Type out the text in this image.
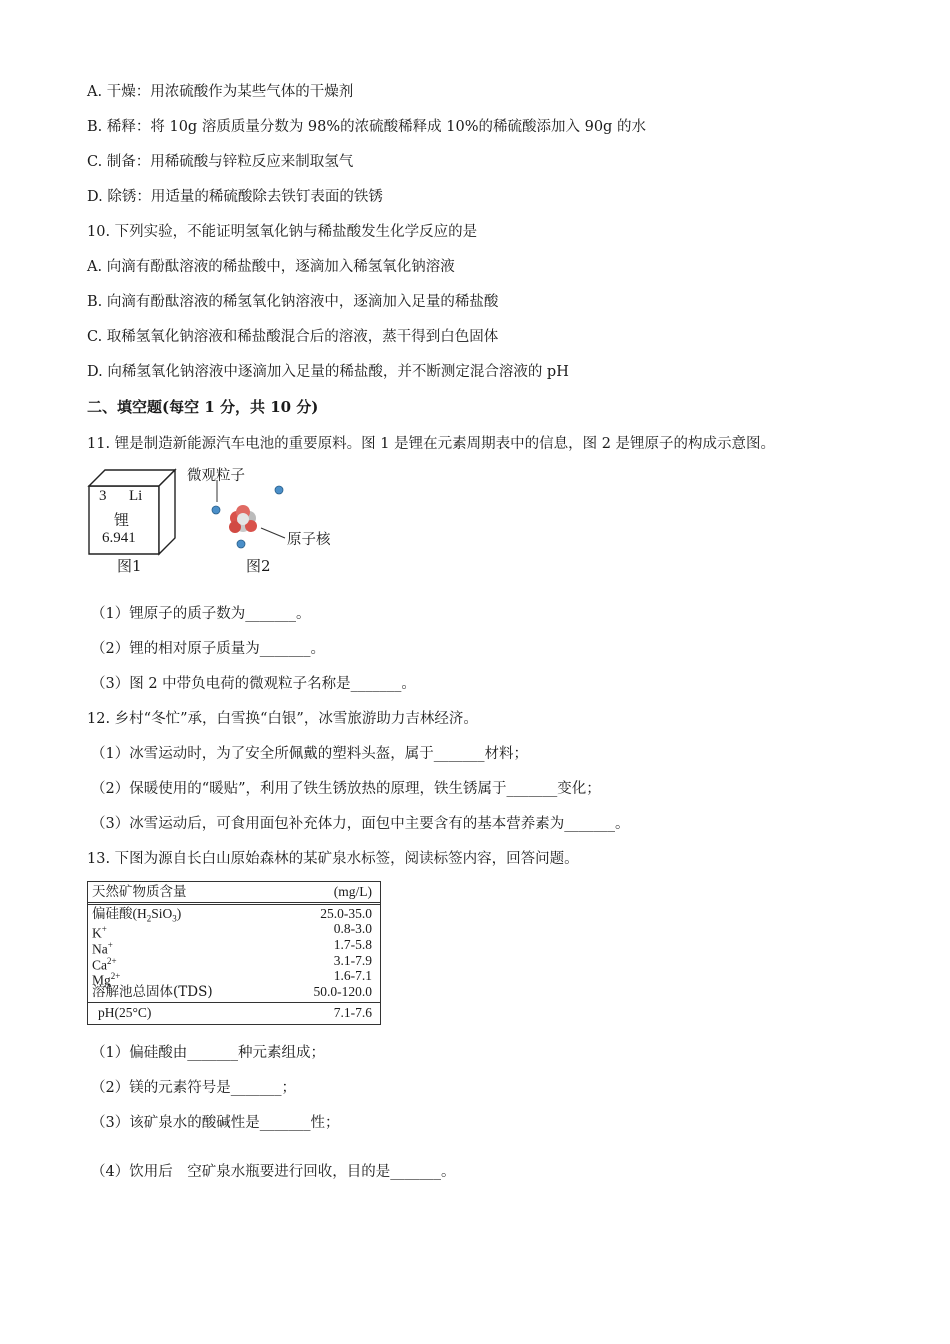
A. 干燥：用浓硫酸作为某些气体的干燥剂
B. 稀释：将 10g 溶质质量分数为 98%的浓硫酸稀释成 10%的稀硫酸添加入 90g 的水
C. 制备：用稀硫酸与锌粒反应来制取氢气
D. 除锈：用适量的稀硫酸除去铁钉表面的铁锈
10. 下列实验，不能证明氢氧化钠与稀盐酸发生化学反应的是
A. 向滴有酚酞溶液的稀盐酸中，逐滴加入稀氢氧化钠溶液
B. 向滴有酚酞溶液的稀氢氧化钠溶液中，逐滴加入足量的稀盐酸
C. 取稀氢氧化钠溶液和稀盐酸混合后的溶液，蒸干得到白色固体
D. 向稀氢氧化钠溶液中逐滴加入足量的稀盐酸，并不断测定混合溶液的 pH
二、填空题(每空 1 分，共 10 分)
11. 锂是制造新能源汽车电池的重要原料。图 1 是锂在元素周期表中的信息，图 2 是锂原子的构成示意图。
3 Li
锂
6.941
图1
微观粒子
原子核
图2
（1）锂原子的质子数为_______。
（2）锂的相对原子质量为_______。
（3）图 2 中带负电荷的微观粒子名称是_______。
12. 乡村“冬忙”承，白雪换“白银”，冰雪旅游助力吉林经济。
（1）冰雪运动时，为了安全所佩戴的塑料头盔，属于_______材料；
（2）保暖使用的“暖贴”，利用了铁生锈放热的原理，铁生锈属于_______变化；
（3）冰雪运动后，可食用面包补充体力，面包中主要含有的基本营养素为_______。
13. 下图为源自长白山原始森林的某矿泉水标签，阅读标签内容，回答问题。
天然矿物质含量	(mg/L)
偏硅酸$(H_2SiO_3)$	25.0-35.0
K+	0.8-3.0
Na+	1.7-5.8
$Ca^{2+}$	3.1-7.9
$Mg^{2+}$	1.6-7.1
溶解池总固体(TDS)	50.0-120.0
pH(25°C)	7.1-7.6
（1）偏硅酸由_______种元素组成；
（2）镁的元素符号是_______；
（3）该矿泉水的酸碱性是_______性；
（4）饮用后　空矿泉水瓶要进行回收，目的是_______。
